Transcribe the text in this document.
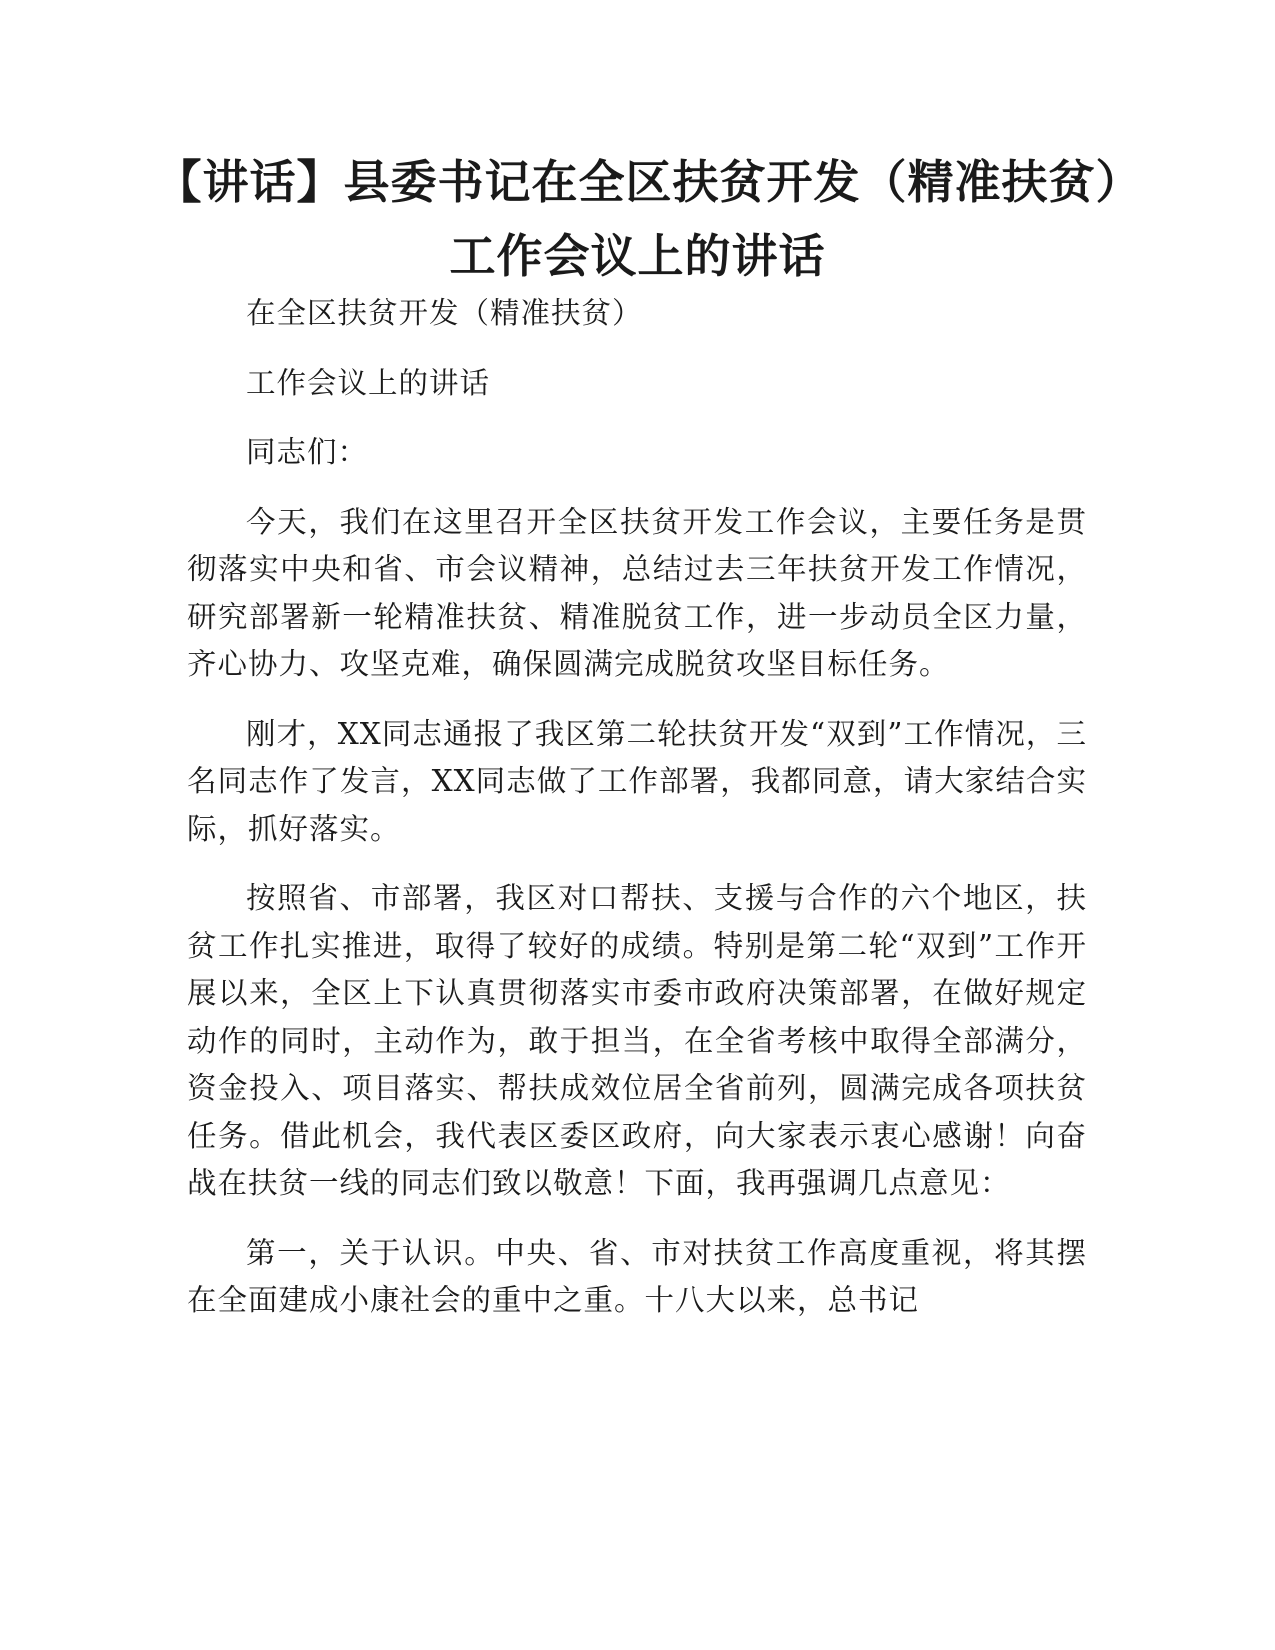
【讲话】县委书记在全区扶贫开发（精准扶贫）工作会议上的讲话

在全区扶贫开发（精准扶贫）

工作会议上的讲话

同志们：

今天，我们在这里召开全区扶贫开发工作会议，主要任务是贯彻落实中央和省、市会议精神，总结过去三年扶贫开发工作情况，研究部署新一轮精准扶贫、精准脱贫工作，进一步动员全区力量，齐心协力、攻坚克难，确保圆满完成脱贫攻坚目标任务。

刚才，XX同志通报了我区第二轮扶贫开发“双到”工作情况，三名同志作了发言，XX同志做了工作部署，我都同意，请大家结合实际，抓好落实。

按照省、市部署，我区对口帮扶、支援与合作的六个地区，扶贫工作扎实推进，取得了较好的成绩。特别是第二轮“双到”工作开展以来，全区上下认真贯彻落实市委市政府决策部署，在做好规定动作的同时，主动作为，敢于担当，在全省考核中取得全部满分，资金投入、项目落实、帮扶成效位居全省前列，圆满完成各项扶贫任务。借此机会，我代表区委区政府，向大家表示衷心感谢！向奋战在扶贫一线的同志们致以敬意！下面，我再强调几点意见：

第一，关于认识。中央、省、市对扶贫工作高度重视，将其摆在全面建成小康社会的重中之重。十八大以来，总书记
